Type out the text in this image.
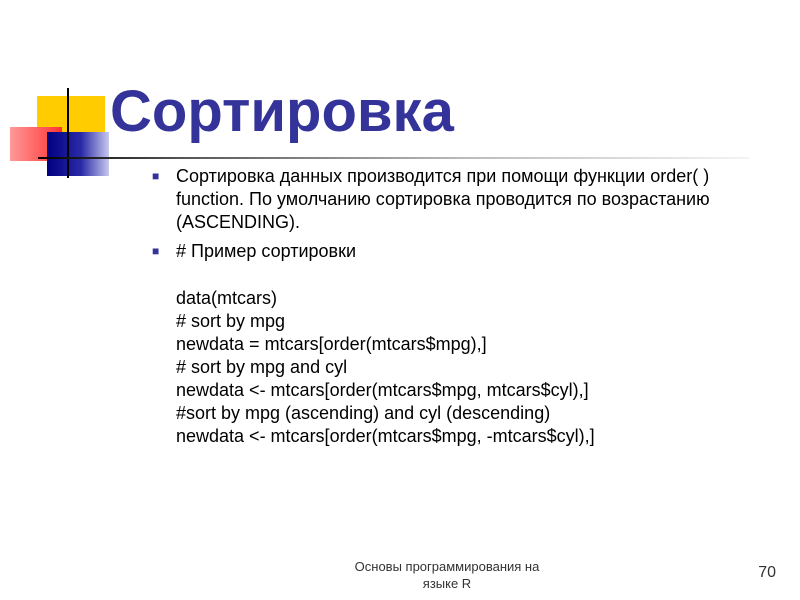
Сортировка
■ Сортировка данных производится при помощи функции order( ) function. По умолчанию сортировка проводится по возрастанию (ASCENDING).
■ # Пример сортировки
data(mtcars)
# sort by mpg
newdata = mtcars[order(mtcars$mpg),]
# sort by mpg and cyl
newdata <- mtcars[order(mtcars$mpg, mtcars$cyl),]
#sort by mpg (ascending) and cyl (descending)
newdata <- mtcars[order(mtcars$mpg, -mtcars$cyl),]
Основы программирования на
языке R
70
